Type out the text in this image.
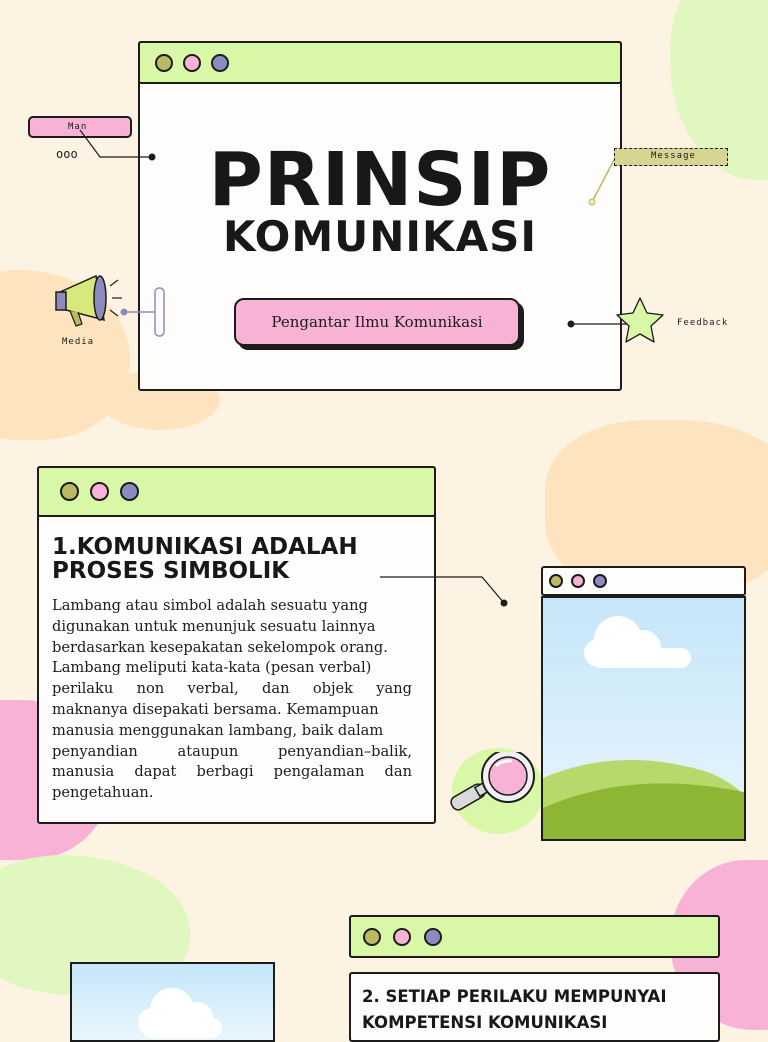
PRINSIP
KOMUNIKASI
Pengantar Ilmu Komunikasi
Man
ooo	Message
Media
Feedback
1.KOMUNIKASI ADALAH
PROSES SIMBOLIK
Lambang atau simbol adalah sesuatu yang
digunakan untuk menunjuk sesuatu lainnya
berdasarkan kesepakatan sekelompok orang.
Lambang meliputi kata-kata (pesan verbal)
perilaku non verbal, dan objek yang
maknanya disepakati bersama. Kemampuan
manusia menggunakan lambang, baik dalam
penyandian ataupun penyandian–balik,
manusia dapat berbagi pengalaman dan
pengetahuan.
2. SETIAP PERILAKU MEMPUNYAI
KOMPETENSI KOMUNIKASI
